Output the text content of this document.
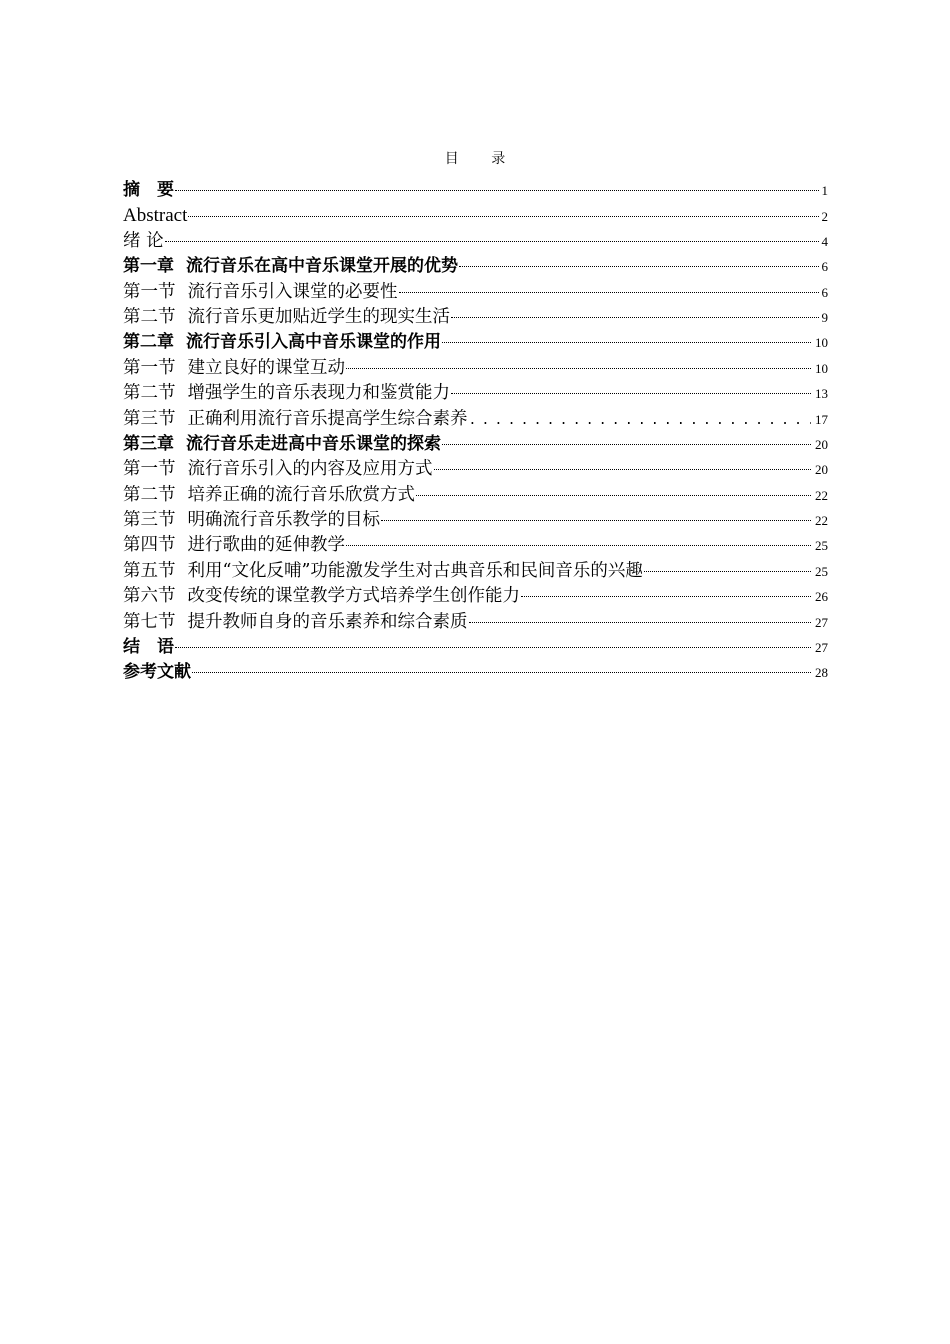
目 录
摘　要	1
Abstract	2
绪 论	4
第一章 流行音乐在高中音乐课堂开展的优势	6
第一节 流行音乐引入课堂的必要性	6
第二节 流行音乐更加贴近学生的现实生活	9
第二章 流行音乐引入高中音乐课堂的作用	10
第一节 建立良好的课堂互动	10
第二节 增强学生的音乐表现力和鉴赏能力	13
第三节 正确利用流行音乐提高学生综合素养 .....	17
第三章 流行音乐走进高中音乐课堂的探索	20
第一节 流行音乐引入的内容及应用方式	20
第二节 培养正确的流行音乐欣赏方式	22
第三节 明确流行音乐教学的目标	22
第四节 进行歌曲的延伸教学	25
第五节 利用“文化反哺”功能激发学生对古典音乐和民间音乐的兴趣	25
第六节 改变传统的课堂教学方式培养学生创作能力	26
第七节 提升教师自身的音乐素养和综合素质	27
结　语	27
参考文献	28
